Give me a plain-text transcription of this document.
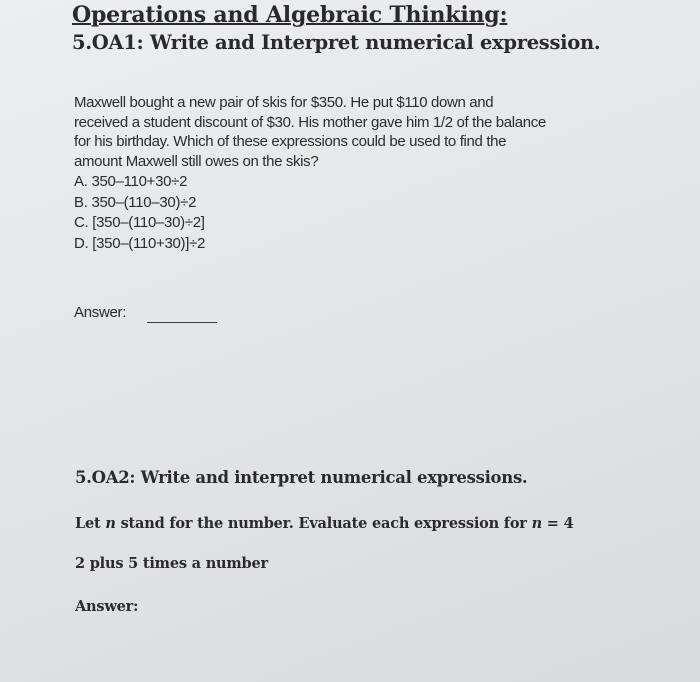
Operations and Algebraic Thinking:
5.OA1: Write and Interpret numerical expression.
Maxwell bought a new pair of skis for $350. He put $110 down and
received a student discount of $30. His mother gave him 1/2 of the balance
for his birthday. Which of these expressions could be used to find the
amount Maxwell still owes on the skis?
A. 350–110+30÷2
B. 350–(110–30)÷2
C. [350–(110–30)÷2]
D. [350–(110+30)]÷2
Answer:
5.OA2: Write and interpret numerical expressions.
Let n stand for the number. Evaluate each expression for n = 4
2 plus 5 times a number
Answer:
